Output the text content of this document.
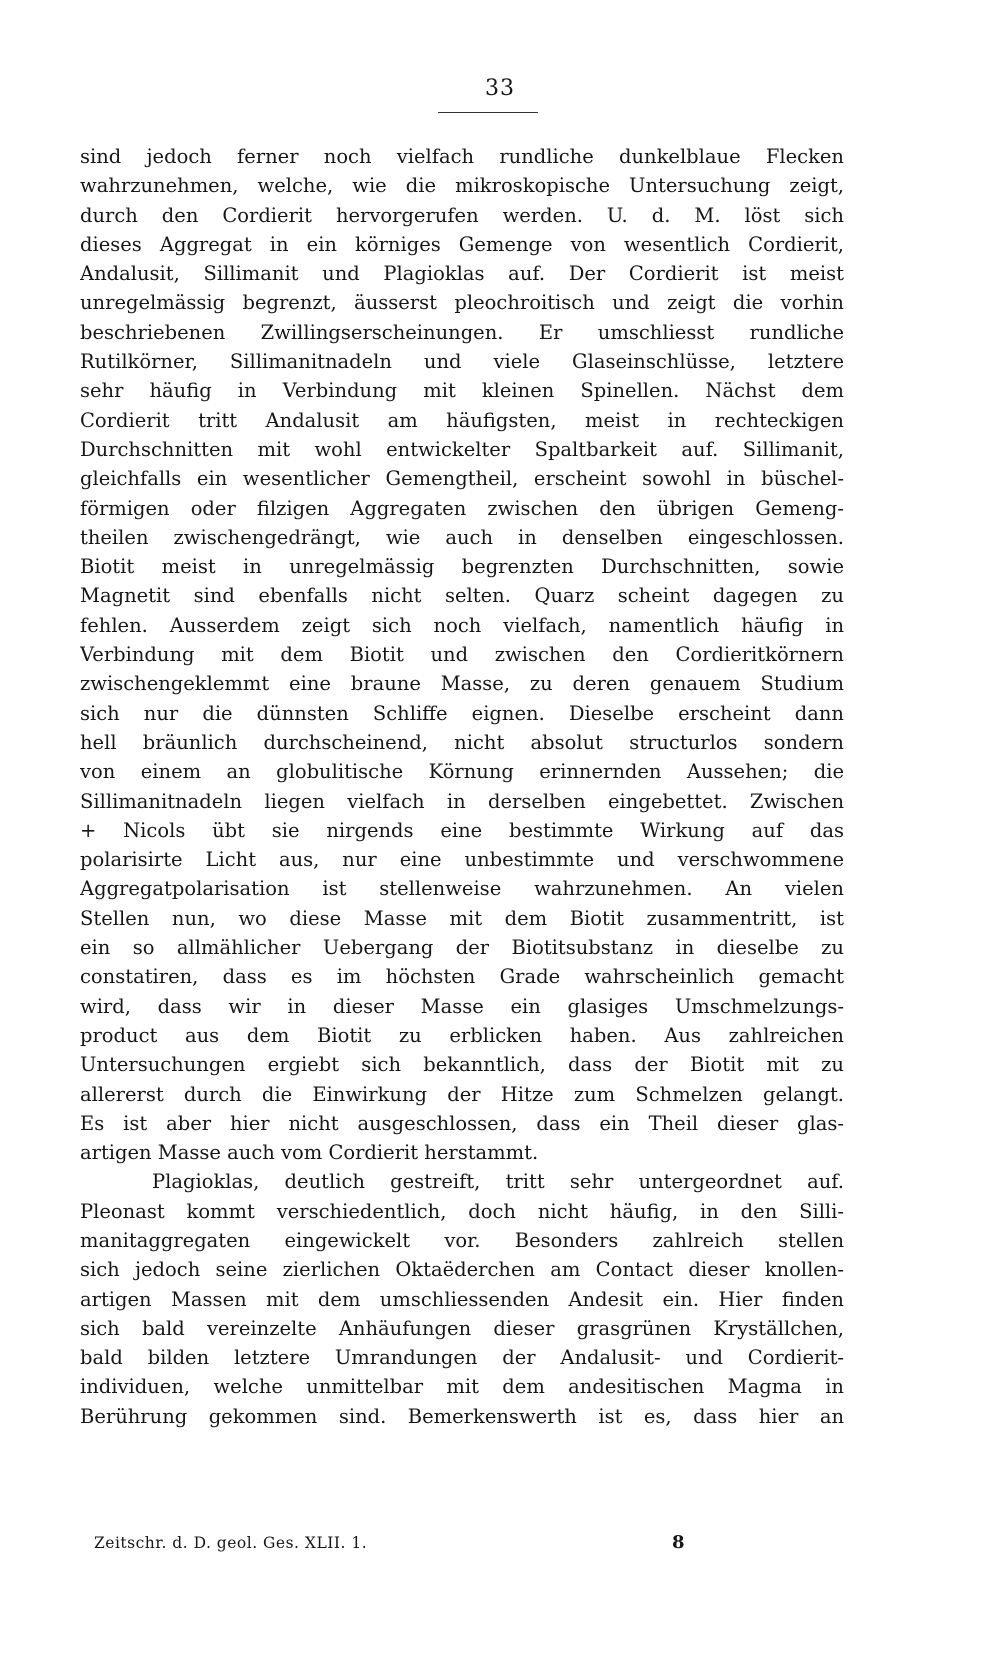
33
sind jedoch ferner noch vielfach rundliche dunkelblaue Flecken
wahrzunehmen, welche, wie die mikroskopische Untersuchung zeigt,
durch den Cordierit hervorgerufen werden. U. d. M. löst sich
dieses Aggregat in ein körniges Gemenge von wesentlich Cordierit,
Andalusit, Sillimanit und Plagioklas auf. Der Cordierit ist meist
unregelmässig begrenzt, äusserst pleochroitisch und zeigt die vorhin
beschriebenen Zwillingserscheinungen. Er umschliesst rundliche
Rutilkörner, Sillimanitnadeln und viele Glaseinschlüsse, letztere
sehr häufig in Verbindung mit kleinen Spinellen. Nächst dem
Cordierit tritt Andalusit am häufigsten, meist in rechteckigen
Durchschnitten mit wohl entwickelter Spaltbarkeit auf. Sillimanit,
gleichfalls ein wesentlicher Gemengtheil, erscheint sowohl in büschel-
förmigen oder filzigen Aggregaten zwischen den übrigen Gemeng-
theilen zwischengedrängt, wie auch in denselben eingeschlossen.
Biotit meist in unregelmässig begrenzten Durchschnitten, sowie
Magnetit sind ebenfalls nicht selten. Quarz scheint dagegen zu
fehlen. Ausserdem zeigt sich noch vielfach, namentlich häufig in
Verbindung mit dem Biotit und zwischen den Cordieritkörnern
zwischengeklemmt eine braune Masse, zu deren genauem Studium
sich nur die dünnsten Schliffe eignen. Dieselbe erscheint dann
hell bräunlich durchscheinend, nicht absolut structurlos sondern
von einem an globulitische Körnung erinnernden Aussehen; die
Sillimanitnadeln liegen vielfach in derselben eingebettet. Zwischen
+ Nicols übt sie nirgends eine bestimmte Wirkung auf das
polarisirte Licht aus, nur eine unbestimmte und verschwommene
Aggregatpolarisation ist stellenweise wahrzunehmen. An vielen
Stellen nun, wo diese Masse mit dem Biotit zusammentritt, ist
ein so allmählicher Uebergang der Biotitsubstanz in dieselbe zu
constatiren, dass es im höchsten Grade wahrscheinlich gemacht
wird, dass wir in dieser Masse ein glasiges Umschmelzungs-
product aus dem Biotit zu erblicken haben. Aus zahlreichen
Untersuchungen ergiebt sich bekanntlich, dass der Biotit mit zu
allererst durch die Einwirkung der Hitze zum Schmelzen gelangt.
Es ist aber hier nicht ausgeschlossen, dass ein Theil dieser glas-
artigen Masse auch vom Cordierit herstammt.
Plagioklas, deutlich gestreift, tritt sehr untergeordnet auf.
Pleonast kommt verschiedentlich, doch nicht häufig, in den Silli-
manitaggregaten eingewickelt vor. Besonders zahlreich stellen
sich jedoch seine zierlichen Oktaëderchen am Contact dieser knollen-
artigen Massen mit dem umschliessenden Andesit ein. Hier finden
sich bald vereinzelte Anhäufungen dieser grasgrünen Kryställchen,
bald bilden letztere Umrandungen der Andalusit- und Cordierit-
individuen, welche unmittelbar mit dem andesitischen Magma in
Berührung gekommen sind. Bemerkenswerth ist es, dass hier an
Zeitschr. d. D. geol. Ges. XLII. 1.	8
